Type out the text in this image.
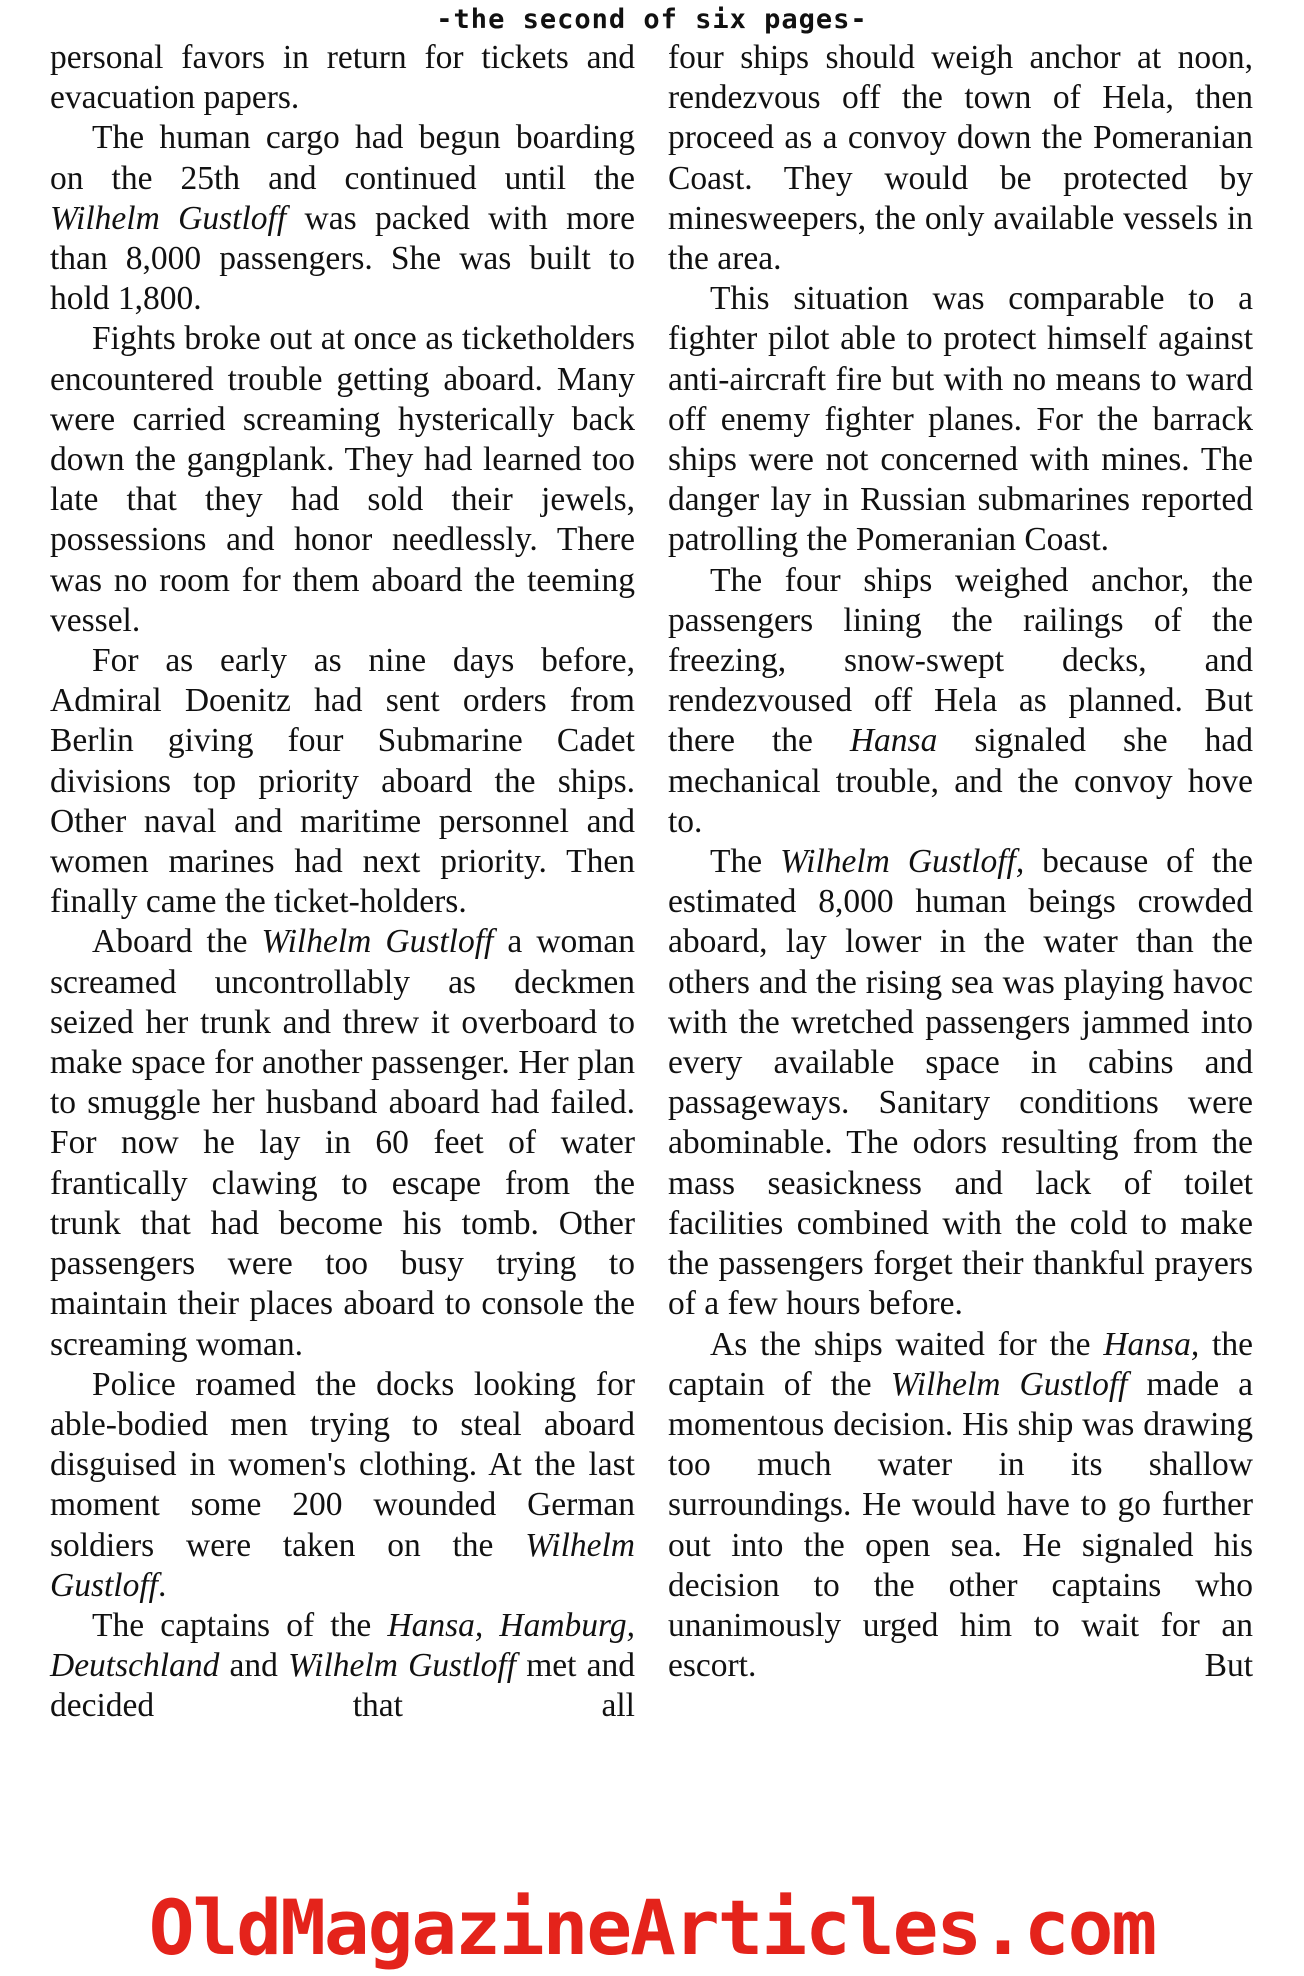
-the second of six pages-

personal favors in return for tickets and evacuation papers.

The human cargo had begun boarding on the 25th and continued until the Wilhelm Gustloff was packed with more than 8,000 passengers. She was built to hold 1,800.

Fights broke out at once as ticketholders encountered trouble getting aboard. Many were carried screaming hysterically back down the gangplank. They had learned too late that they had sold their jewels, possessions and honor needlessly. There was no room for them aboard the teeming vessel.

For as early as nine days before, Admiral Doenitz had sent orders from Berlin giving four Submarine Cadet divisions top priority aboard the ships. Other naval and maritime personnel and women marines had next priority. Then finally came the ticket-holders.

Aboard the Wilhelm Gustloff a woman screamed uncontrollably as deckmen seized her trunk and threw it overboard to make space for another passenger. Her plan to smuggle her husband aboard had failed. For now he lay in 60 feet of water frantically clawing to escape from the trunk that had become his tomb. Other passengers were too busy trying to maintain their places aboard to console the screaming woman.

Police roamed the docks looking for able-bodied men trying to steal aboard disguised in women's clothing. At the last moment some 200 wounded German soldiers were taken on the Wilhelm Gustloff.

The captains of the Hansa, Hamburg, Deutschland and Wilhelm Gustloff met and decided that all

four ships should weigh anchor at noon, rendezvous off the town of Hela, then proceed as a convoy down the Pomeranian Coast. They would be protected by minesweepers, the only available vessels in the area.

This situation was comparable to a fighter pilot able to protect himself against anti-aircraft fire but with no means to ward off enemy fighter planes. For the barrack ships were not concerned with mines. The danger lay in Russian submarines reported patrolling the Pomeranian Coast.

The four ships weighed anchor, the passengers lining the railings of the freezing, snow-swept decks, and rendezvoused off Hela as planned. But there the Hansa signaled she had mechanical trouble, and the convoy hove to.

The Wilhelm Gustloff, because of the estimated 8,000 human beings crowded aboard, lay lower in the water than the others and the rising sea was playing havoc with the wretched passengers jammed into every available space in cabins and passageways. Sanitary conditions were abominable. The odors resulting from the mass seasickness and lack of toilet facilities combined with the cold to make the passengers forget their thankful prayers of a few hours before.

As the ships waited for the Hansa, the captain of the Wilhelm Gustloff made a momentous decision. His ship was drawing too much water in its shallow surroundings. He would have to go further out into the open sea. He signaled his decision to the other captains who unanimously urged him to wait for an escort. But

OldMagazineArticles.com
